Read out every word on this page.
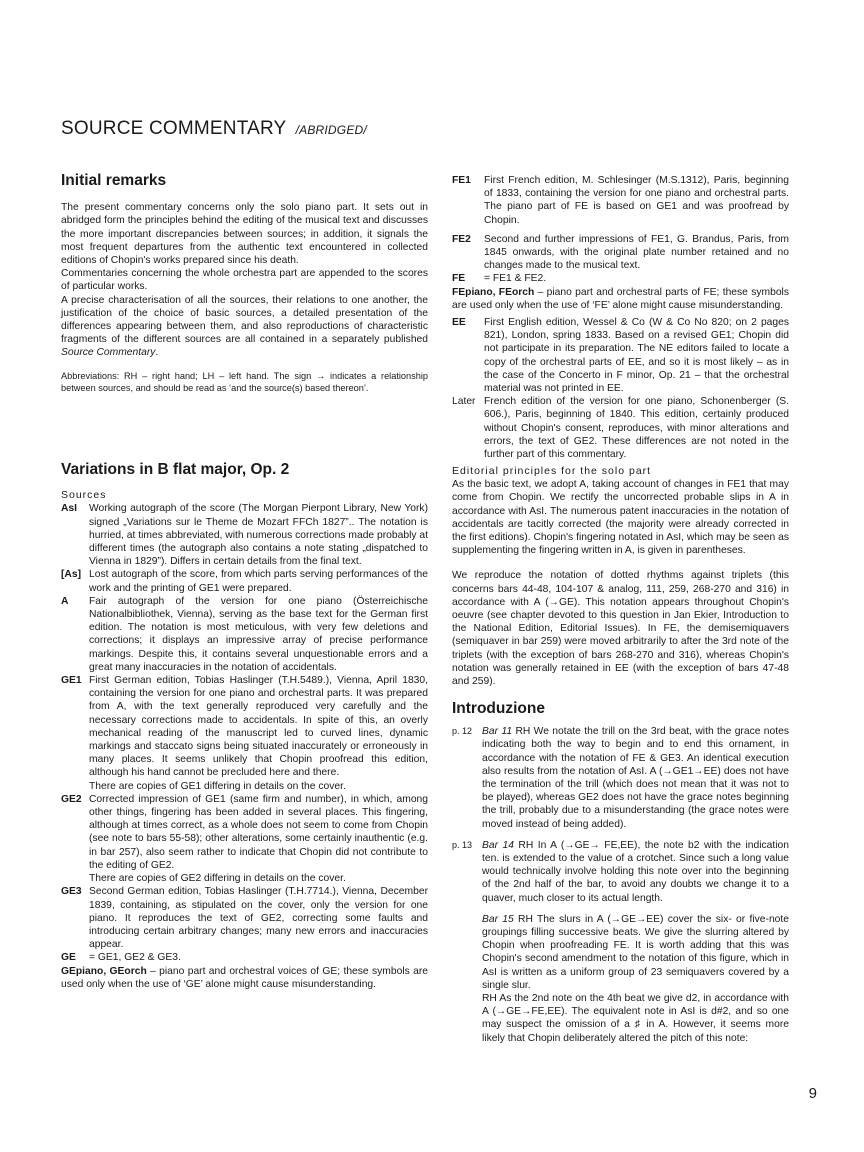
SOURCE COMMENTARY /ABRIDGED/
Initial remarks

The present commentary concerns only the solo piano part. It sets out in abridged form the principles behind the editing of the musical text and discusses the more important discrepancies between sources; in addition, it signals the most frequent departures from the authentic text encountered in collected editions of Chopin's works prepared since his death.

Commentaries concerning the whole orchestra part are appended to the scores of particular works.

A precise characterisation of all the sources, their relations to one another, the justification of the choice of basic sources, a detailed presentation of the differences appearing between them, and also reproductions of characteristic fragments of the different sources are all contained in a separately published Source Commentary.

Abbreviations: RH – right hand; LH – left hand. The sign → indicates a relationship between sources, and should be read as ‘and the source(s) based thereon’.

Variations in B flat major, Op. 2

Sources

AsI Working autograph of the score (The Morgan Pierpont Library, New York) signed „Variations sur le Theme de Mozart FFCh 1827”.. The notation is hurried, at times abbreviated, with numerous corrections made probably at different times (the autograph also contains a note stating „dispatched to Vienna in 1829”). Differs in certain details from the final text.
[As] Lost autograph of the score, from which parts serving performances of the work and the printing of GE1 were prepared.
A Fair autograph of the version for one piano (Österreichische Nationalbibliothek, Vienna), serving as the base text for the German first edition. The notation is most meticulous, with very few deletions and corrections; it displays an impressive array of precise performance markings. Despite this, it contains several unquestionable errors and a great many inaccuracies in the notation of accidentals.
GE1 First German edition, Tobias Haslinger (T.H.5489.), Vienna, April 1830, containing the version for one piano and orchestral parts. It was prepared from A, with the text generally reproduced very carefully and the necessary corrections made to accidentals. In spite of this, an overly mechanical reading of the manuscript led to curved lines, dynamic markings and staccato signs being situated inaccurately or erroneously in many places. It seems unlikely that Chopin proofread this edition, although his hand cannot be precluded here and there.
There are copies of GE1 differing in details on the cover.
GE2 Corrected impression of GE1 (same firm and number), in which, among other things, fingering has been added in several places. This fingering, although at times correct, as a whole does not seem to come from Chopin (see note to bars 55-58); other alterations, some certainly inauthentic (e.g. in bar 257), also seem rather to indicate that Chopin did not contribute to the editing of GE2.
There are copies of GE2 differing in details on the cover.
GE3 Second German edition, Tobias Haslinger (T.H.7714.), Vienna, December 1839, containing, as stipulated on the cover, only the version for one piano. It reproduces the text of GE2, correcting some faults and introducing certain arbitrary changes; many new errors and inaccuracies appear.
GE = GE1, GE2 & GE3.

GEpiano, GEorch – piano part and orchestral voices of GE; these symbols are used only when the use of ‘GE’ alone might cause misunderstanding.

FE1 First French edition, M. Schlesinger (M.S.1312), Paris, beginning of 1833, containing the version for one piano and orchestral parts. The piano part of FE is based on GE1 and was proofread by Chopin.
FE2 Second and further impressions of FE1, G. Brandus, Paris, from 1845 onwards, with the original plate number retained and no changes made to the musical text.
FE = FE1 & FE2.

FEpiano, FEorch – piano part and orchestral parts of FE; these symbols are used only when the use of ‘FE’ alone might cause misunderstanding.

EE First English edition, Wessel & Co (W & Co No 820; on 2 pages 821), London, spring 1833. Based on a revised GE1; Chopin did not participate in its preparation. The NE editors failed to locate a copy of the orchestral parts of EE, and so it is most likely – as in the case of the Concerto in F minor, Op. 21 – that the orchestral material was not printed in EE.
Later French edition of the version for one piano, Schonenberger (S. 606.), Paris, beginning of 1840. This edition, certainly produced without Chopin's consent, reproduces, with minor alterations and errors, the text of GE2. These differences are not noted in the further part of this commentary.

Editorial principles for the solo part

As the basic text, we adopt A, taking account of changes in FE1 that may come from Chopin. We rectify the uncorrected probable slips in A in accordance with AsI. The numerous patent inaccuracies in the notation of accidentals are tacitly corrected (the majority were already corrected in the first editions). Chopin's fingering notated in AsI, which may be seen as supplementing the fingering written in A, is given in parentheses.

We reproduce the notation of dotted rhythms against triplets (this concerns bars 44-48, 104-107 & analog, 111, 259, 268-270 and 316) in accordance with A (→GE). This notation appears throughout Chopin's oeuvre (see chapter devoted to this question in Jan Ekier, Introduction to the National Edition, Editorial Issues). In FE, the demisemiquavers (semiquaver in bar 259) were moved arbitrarily to after the 3rd note of the triplets (with the exception of bars 268-270 and 316), whereas Chopin's notation was generally retained in EE (with the exception of bars 47-48 and 259).

Introduzione
p. 12 Bar 11 RH We notate the trill on the 3rd beat, with the grace notes indicating both the way to begin and to end this ornament, in accordance with the notation of FE & GE3. An identical execution also results from the notation of AsI. A (→GE1→EE) does not have the termination of the trill (which does not mean that it was not to be played), whereas GE2 does not have the grace notes beginning the trill, probably due to a misunderstanding (the grace notes were moved instead of being added).
p. 13 Bar 14 RH In A (→GE→ FE,EE), the note b2 with the indication ten. is extended to the value of a crotchet. Since such a long value would technically involve holding this note over into the beginning of the 2nd half of the bar, to avoid any doubts we change it to a quaver, much closer to its actual length.
Bar 15 RH The slurs in A (→GE→EE) cover the six- or five-note groupings filling successive beats. We give the slurring altered by Chopin when proofreading FE. It is worth adding that this was Chopin's second amendment to the notation of this figure, which in AsI is written as a uniform group of 23 semiquavers covered by a single slur.
RH As the 2nd note on the 4th beat we give d2, in accordance with A (→GE→FE,EE). The equivalent note in AsI is d#2, and so one may suspect the omission of a ♯ in A. However, it seems more likely that Chopin deliberately altered the pitch of this note:
9
